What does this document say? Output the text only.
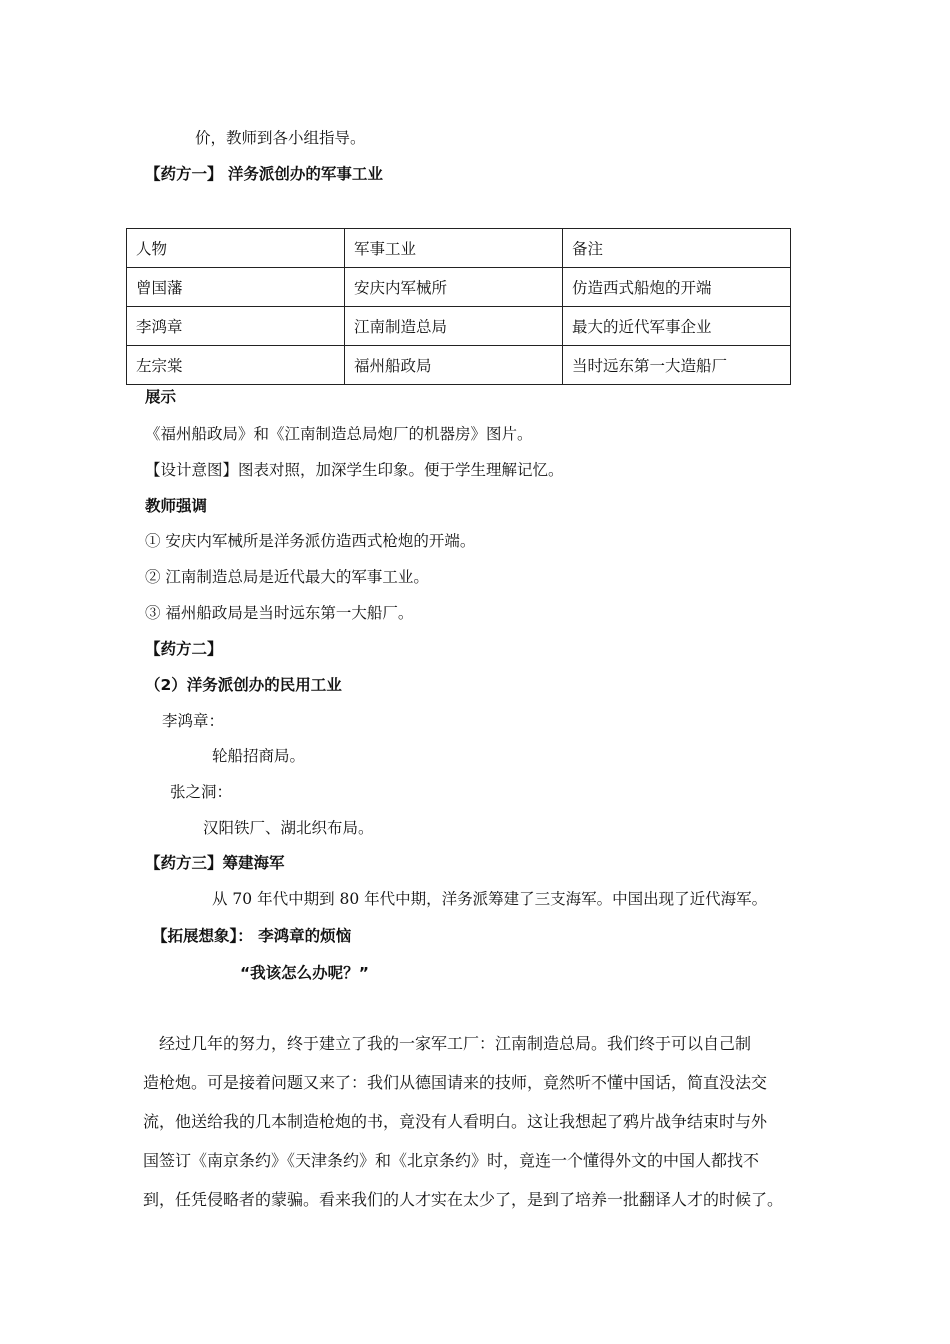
价，教师到各小组指导。
【药方一】 洋务派创办的军事工业
人物	军事工业	备注
曾国藩	安庆内军械所	仿造西式船炮的开端
李鸿章	江南制造总局	最大的近代军事企业
左宗棠	福州船政局	当时远东第一大造船厂
展示
《福州船政局》和《江南制造总局炮厂的机器房》图片。
【设计意图】图表对照，加深学生印象。便于学生理解记忆。
教师强调
① 安庆内军械所是洋务派仿造西式枪炮的开端。
② 江南制造总局是近代最大的军事工业。
③ 福州船政局是当时远东第一大船厂。
【药方二】
（2）洋务派创办的民用工业
李鸿章：
轮船招商局。
张之洞：
汉阳铁厂、湖北织布局。
【药方三】筹建海军
从 70 年代中期到 80 年代中期，洋务派筹建了三支海军。中国出现了近代海军。
【拓展想象】： 李鸿章的烦恼
“我该怎么办呢？”
　经过几年的努力，终于建立了我的一家军工厂：江南制造总局。我们终于可以自己制
造枪炮。可是接着问题又来了：我们从德国请来的技师，竟然听不懂中国话，简直没法交
流，他送给我的几本制造枪炮的书，竟没有人看明白。这让我想起了鸦片战争结束时与外
国签订《南京条约》《天津条约》和《北京条约》时，竟连一个懂得外文的中国人都找不
到，任凭侵略者的蒙骗。看来我们的人才实在太少了，是到了培养一批翻译人才的时候了。
